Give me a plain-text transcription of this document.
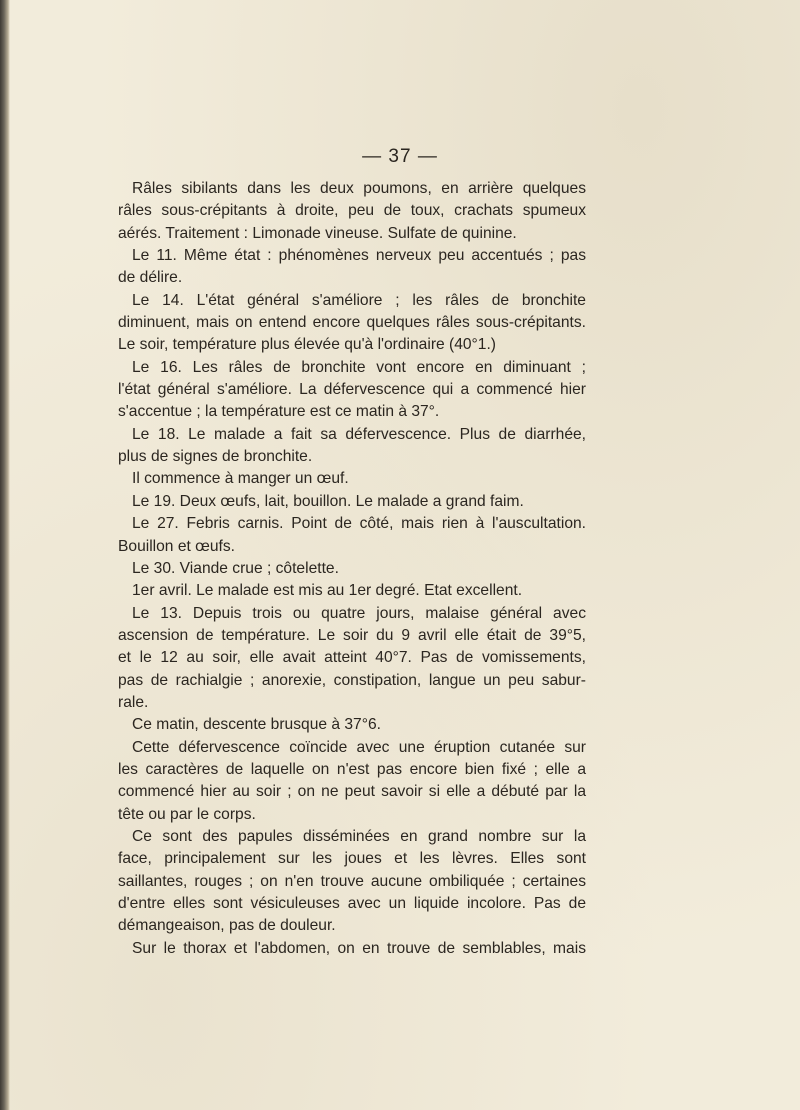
— 37 —
Râles sibilants dans les deux poumons, en arrière quelques
râles sous-crépitants à droite, peu de toux, crachats spumeux
aérés. Traitement : Limonade vineuse. Sulfate de quinine.
Le 11. Même état : phénomènes nerveux peu accentués ; pas
de délire.
Le 14. L'état général s'améliore ; les râles de bronchite
diminuent, mais on entend encore quelques râles sous-crépitants.
Le soir, température plus élevée qu'à l'ordinaire (40°1.)
Le 16. Les râles de bronchite vont encore en diminuant ;
l'état général s'améliore. La défervescence qui a commencé hier
s'accentue ; la température est ce matin à 37°.
Le 18. Le malade a fait sa défervescence. Plus de diarrhée,
plus de signes de bronchite.
Il commence à manger un œuf.
Le 19. Deux œufs, lait, bouillon. Le malade a grand faim.
Le 27. Febris carnis. Point de côté, mais rien à l'auscultation.
Bouillon et œufs.
Le 30. Viande crue ; côtelette.
1er avril. Le malade est mis au 1er degré. Etat excellent.
Le 13. Depuis trois ou quatre jours, malaise général avec
ascension de température. Le soir du 9 avril elle était de 39°5,
et le 12 au soir, elle avait atteint 40°7. Pas de vomissements,
pas de rachialgie ; anorexie, constipation, langue un peu sabur-
rale.
Ce matin, descente brusque à 37°6.
Cette défervescence coïncide avec une éruption cutanée sur
les caractères de laquelle on n'est pas encore bien fixé ; elle a
commencé hier au soir ; on ne peut savoir si elle a débuté par la
tête ou par le corps.
Ce sont des papules disséminées en grand nombre sur la
face, principalement sur les joues et les lèvres. Elles sont
saillantes, rouges ; on n'en trouve aucune ombiliquée ; certaines
d'entre elles sont vésiculeuses avec un liquide incolore. Pas de
démangeaison, pas de douleur.
Sur le thorax et l'abdomen, on en trouve de semblables, mais
